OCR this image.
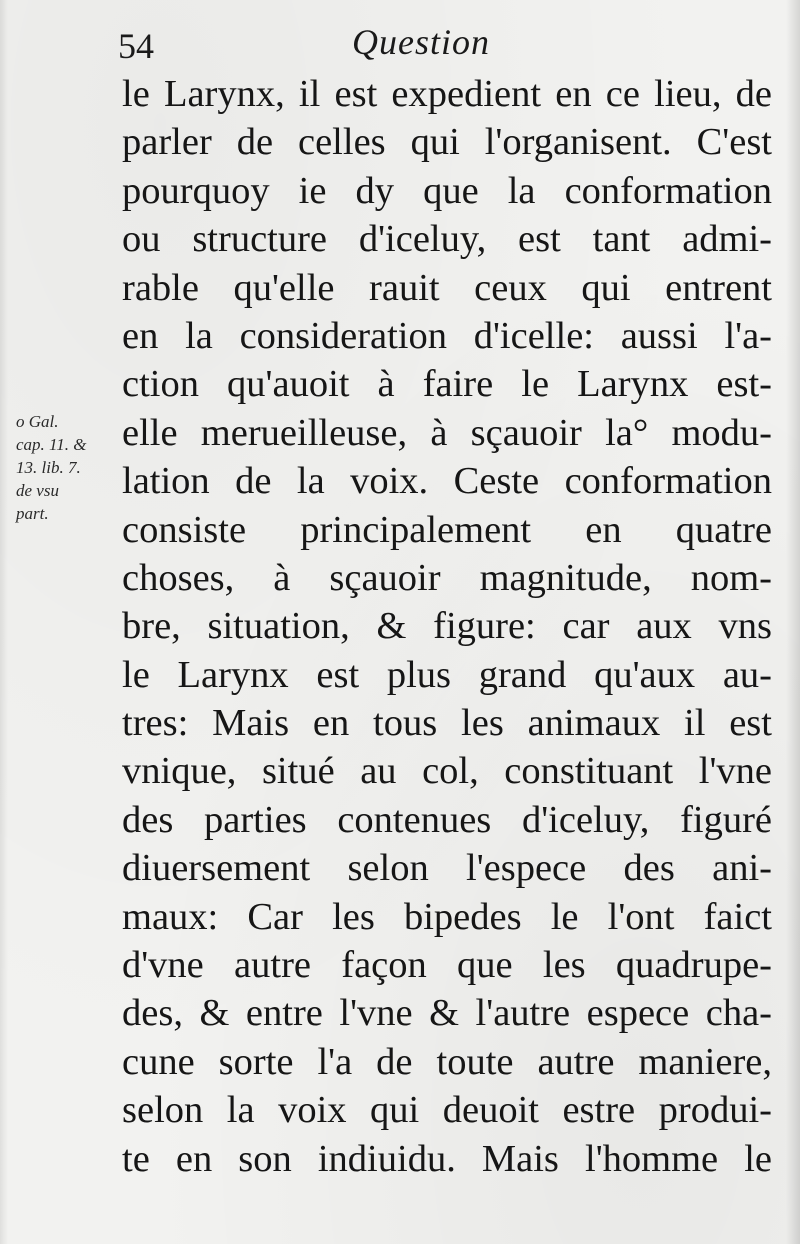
54	Question
o Gal.
cap. 11. &
13. lib. 7.
de vsu
part.
le Larynx, il est expedient en ce lieu, de
parler de celles qui l'organisent. C'est
pourquoy ie dy que la conformation
ou structure d'iceluy, est tant admi-
rable qu'elle rauit ceux qui entrent
en la consideration d'icelle: aussi l'a-
ction qu'auoit à faire le Larynx est-
elle merueilleuse, à sçauoir la° modu-
lation de la voix. Ceste conformation
consiste principalement en quatre
choses, à sçauoir magnitude, nom-
bre, situation, & figure: car aux vns
le Larynx est plus grand qu'aux au-
tres: Mais en tous les animaux il est
vnique, situé au col, constituant l'vne
des parties contenues d'iceluy, figuré
diuersement selon l'espece des ani-
maux: Car les bipedes le l'ont faict
d'vne autre façon que les quadrupe-
des, & entre l'vne & l'autre espece cha-
cune sorte l'a de toute autre maniere,
selon la voix qui deuoit estre produi-
te en son indiuidu. Mais l'homme le
